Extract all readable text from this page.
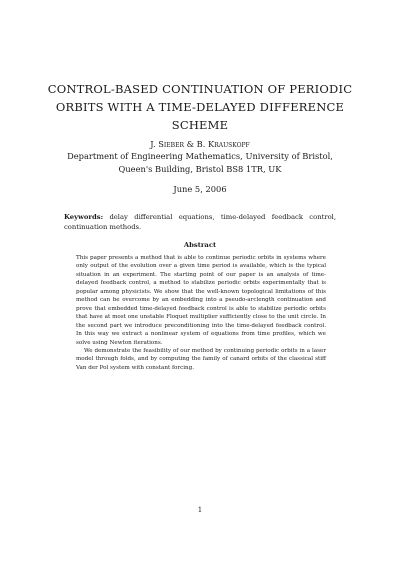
CONTROL-BASED CONTINUATION OF PERIODIC
ORBITS WITH A TIME-DELAYED DIFFERENCE
SCHEME
J. Sieber & B. Krauskopf
Department of Engineering Mathematics, University of Bristol,
Queen's Building, Bristol BS8 1TR, UK
June 5, 2006
Keywords: delay differential equations, time-delayed feedback control, continuation methods.
Abstract

This paper presents a method that is able to continue periodic orbits in systems where only output of the evolution over a given time period is available, which is the typical situation in an experiment. The starting point of our paper is an analysis of time-delayed feedback control, a method to stabilize periodic orbits experimentally that is popular among physicists. We show that the well-known topological limitations of this method can be overcome by an embedding into a pseudo-arclength continuation and prove that embedded time-delayed feedback control is able to stabilize periodic orbits that have at most one unstable Floquet multiplier sufficiently close to the unit circle. In the second part we introduce preconditioning into the time-delayed feedback control. In this way we extract a nonlinear system of equations from time profiles, which we solve using Newton iterations.

We demonstrate the feasibility of our method by continuing periodic orbits in a laser model through folds, and by computing the family of canard orbits of the classical stiff Van der Pol system with constant forcing.

1
